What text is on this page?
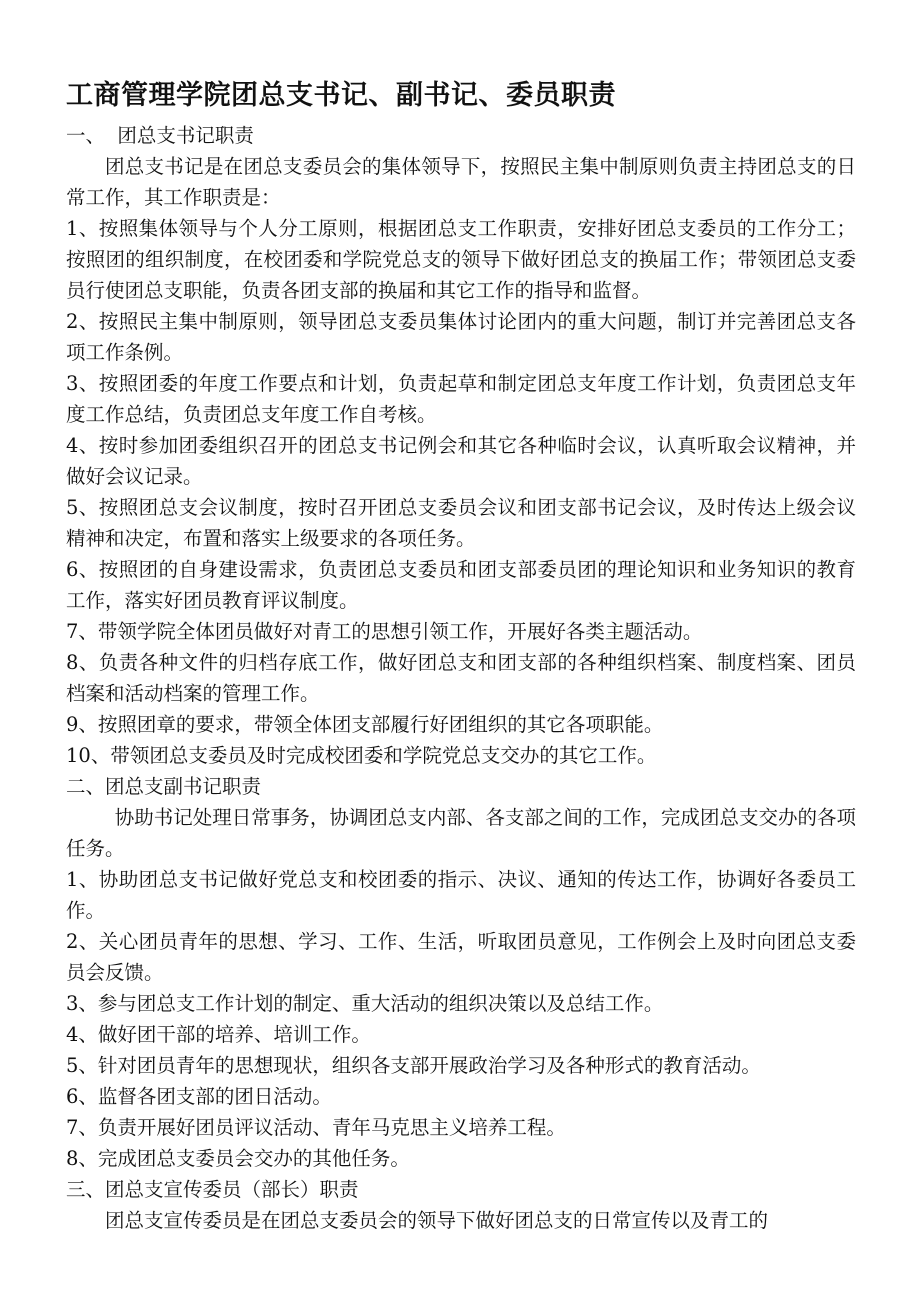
工商管理学院团总支书记、副书记、委员职责

一、  团总支书记职责

团总支书记是在团总支委员会的集体领导下，按照民主集中制原则负责主持团总支的日常工作，其工作职责是：

1、按照集体领导与个人分工原则，根据团总支工作职责，安排好团总支委员的工作分工；按照团的组织制度，在校团委和学院党总支的领导下做好团总支的换届工作；带领团总支委员行使团总支职能，负责各团支部的换届和其它工作的指导和监督。

2、按照民主集中制原则，领导团总支委员集体讨论团内的重大问题，制订并完善团总支各项工作条例。

3、按照团委的年度工作要点和计划，负责起草和制定团总支年度工作计划，负责团总支年度工作总结，负责团总支年度工作自考核。

4、按时参加团委组织召开的团总支书记例会和其它各种临时会议，认真听取会议精神，并做好会议记录。

5、按照团总支会议制度，按时召开团总支委员会议和团支部书记会议，及时传达上级会议精神和决定，布置和落实上级要求的各项任务。

6、按照团的自身建设需求，负责团总支委员和团支部委员团的理论知识和业务知识的教育工作，落实好团员教育评议制度。

7、带领学院全体团员做好对青工的思想引领工作，开展好各类主题活动。

8、负责各种文件的归档存底工作，做好团总支和团支部的各种组织档案、制度档案、团员档案和活动档案的管理工作。

9、按照团章的要求，带领全体团支部履行好团组织的其它各项职能。

10、带领团总支委员及时完成校团委和学院党总支交办的其它工作。

二、团总支副书记职责

协助书记处理日常事务，协调团总支内部、各支部之间的工作，完成团总支交办的各项任务。

1、协助团总支书记做好党总支和校团委的指示、决议、通知的传达工作，协调好各委员工作。

2、关心团员青年的思想、学习、工作、生活，听取团员意见，工作例会上及时向团总支委员会反馈。

3、参与团总支工作计划的制定、重大活动的组织决策以及总结工作。

4、做好团干部的培养、培训工作。

5、针对团员青年的思想现状，组织各支部开展政治学习及各种形式的教育活动。

6、监督各团支部的团日活动。

7、负责开展好团员评议活动、青年马克思主义培养工程。

8、完成团总支委员会交办的其他任务。

三、团总支宣传委员（部长）职责

团总支宣传委员是在团总支委员会的领导下做好团总支的日常宣传以及青工的
